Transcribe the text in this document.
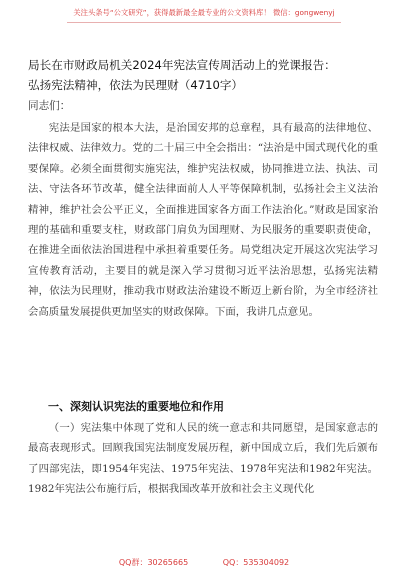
关注头条号“公文研究”，获得最新最全最专业的公文资料库！ 微信：gongwenyj
局长在市财政局机关2024年宪法宣传周活动上的党课报告：
弘扬宪法精神，依法为民理财（4710字）
同志们：

宪法是国家的根本大法，是治国安邦的总章程，具有最高的法律地位、法律权威、法律效力。党的二十届三中全会指出：“法治是中国式现代化的重要保障。必须全面贯彻实施宪法，维护宪法权威，协同推进立法、执法、司法、守法各环节改革，健全法律面前人人平等保障机制，弘扬社会主义法治精神，维护社会公平正义，全面推进国家各方面工作法治化。”财政是国家治理的基础和重要支柱，财政部门肩负为国理财、为民服务的重要职责使命，在推进全面依法治国进程中承担着重要任务。局党组决定开展这次宪法学习宣传教育活动，主要目的就是深入学习贯彻习近平法治思想，弘扬宪法精神，依法为民理财，推动我市财政法治建设不断迈上新台阶，为全市经济社会高质量发展提供更加坚实的财政保障。下面，我讲几点意见。

一、深刻认识宪法的重要地位和作用

（一）宪法集中体现了党和人民的统一意志和共同愿望，是国家意志的最高表现形式。回顾我国宪法制度发展历程，新中国成立后，我们先后颁布了四部宪法，即1954年宪法、1975年宪法、1978年宪法和1982年宪法。1982年宪法公布施行后，根据我国改革开放和社会主义现代化

QQ群：30265665	QQ：535304092
